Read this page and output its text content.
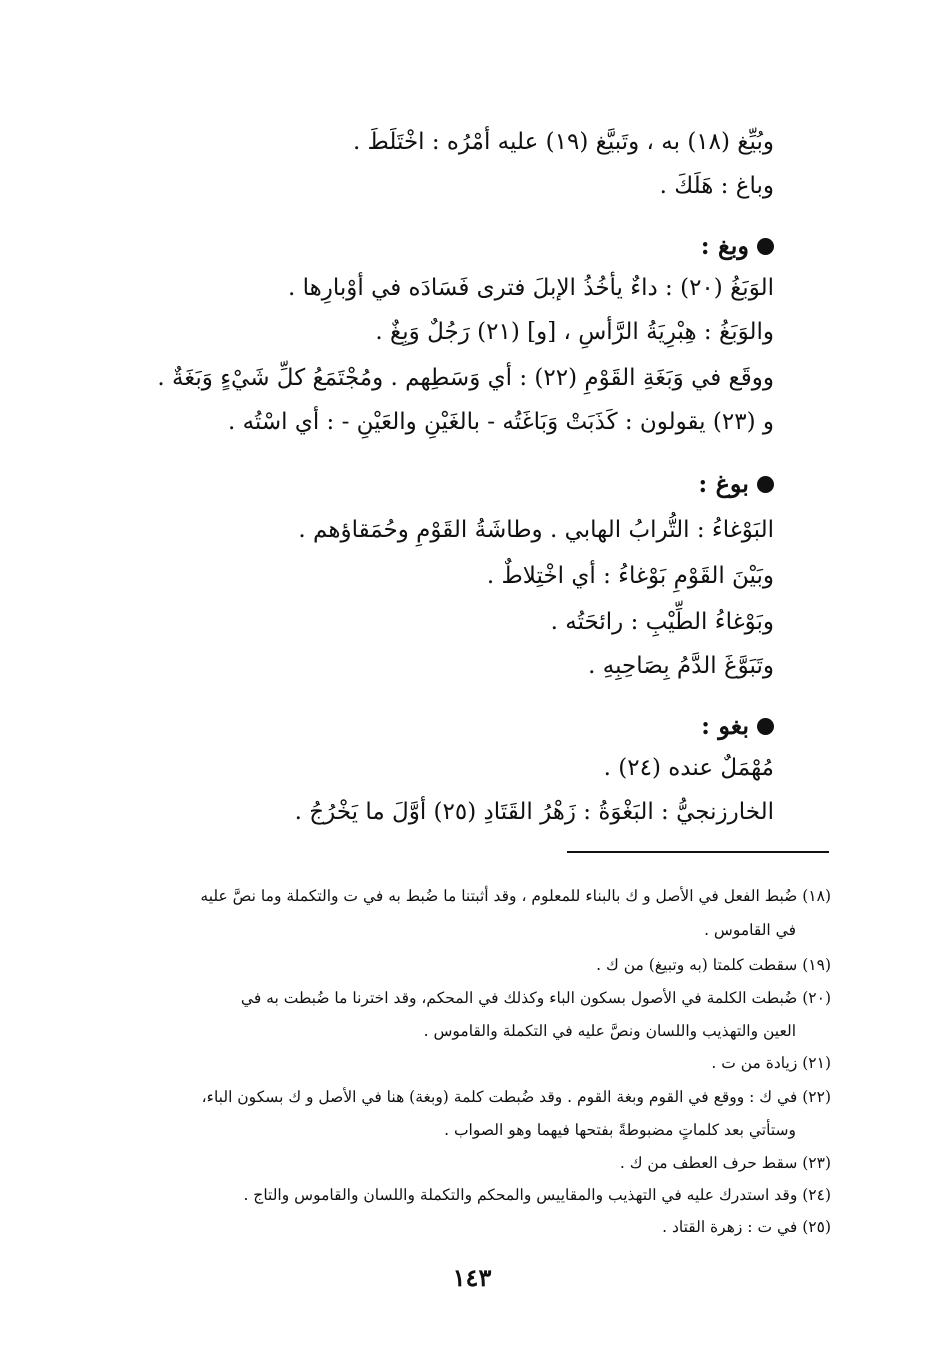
وبُيِّغ (١٨) به ، وتَبيَّغ (١٩) عليه أمْرُه : اخْتَلَطَ .
وباغ : هَلَكَ .
وبغ :
الوَبَغُ (٢٠) : داءٌ يأخُذُ الإبلَ فترى فَسَادَه في أوْبارِها .
والوَبَغُ : هِبْرِيَةُ الرَّأسِ ، [و] (٢١) رَجُلٌ وَبِغٌ .
ووقَع في وَبَغَةِ القَوْمِ (٢٢) : أي وَسَطِهم . ومُجْتَمَعُ كلِّ شَيْءٍ وَبَغَةٌ .
و (٢٣) يقولون : كَذَبَتْ وَبَاغَتُه - بالغَيْنِ والعَيْنِ - : أي اسْتُه .
بوغ :
البَوْغاءُ : التُّرابُ الهابي . وطاشَةُ القَوْمِ وحُمَقاؤهم .
وبَيْنَ القَوْمِ بَوْغاءُ : أي اخْتِلاطٌ .
وبَوْغاءُ الطِّيْبِ : رائحَتُه .
وتَبَوَّغَ الدَّمُ بِصَاحِبِهِ .
بغو :
مُهْمَلٌ عنده (٢٤) .
الخارزنجيُّ : البَغْوَةُ : زَهْرُ القَتَادِ (٢٥) أوَّلَ ما يَخْرُجُ .
(١٨) ضُبط الفعل في الأصل و ك بالبناء للمعلوم ، وقد أثبتنا ما ضُبط به في ت والتكملة وما نصَّ عليه
في القاموس .
(١٩) سقطت كلمتا (به وتبيغ) من ك .
(٢٠) ضُبطت الكلمة في الأصول بسكون الباء وكذلك في المحكم، وقد اخترنا ما ضُبطت به في
العين والتهذيب واللسان ونصَّ عليه في التكملة والقاموس .
(٢١) زيادة من ت .
(٢٢) في ك : ووقع في القوم وبغة القوم . وقد ضُبطت كلمة (وبغة) هنا في الأصل و ك بسكون الباء،
وستأتي بعد كلماتٍ مضبوطةً بفتحها فيهما وهو الصواب .
(٢٣) سقط حرف العطف من ك .
(٢٤) وقد استدرك عليه في التهذيب والمقاييس والمحكم والتكملة واللسان والقاموس والتاج .
(٢٥) في ت : زهرة القتاد .
١٤٣
